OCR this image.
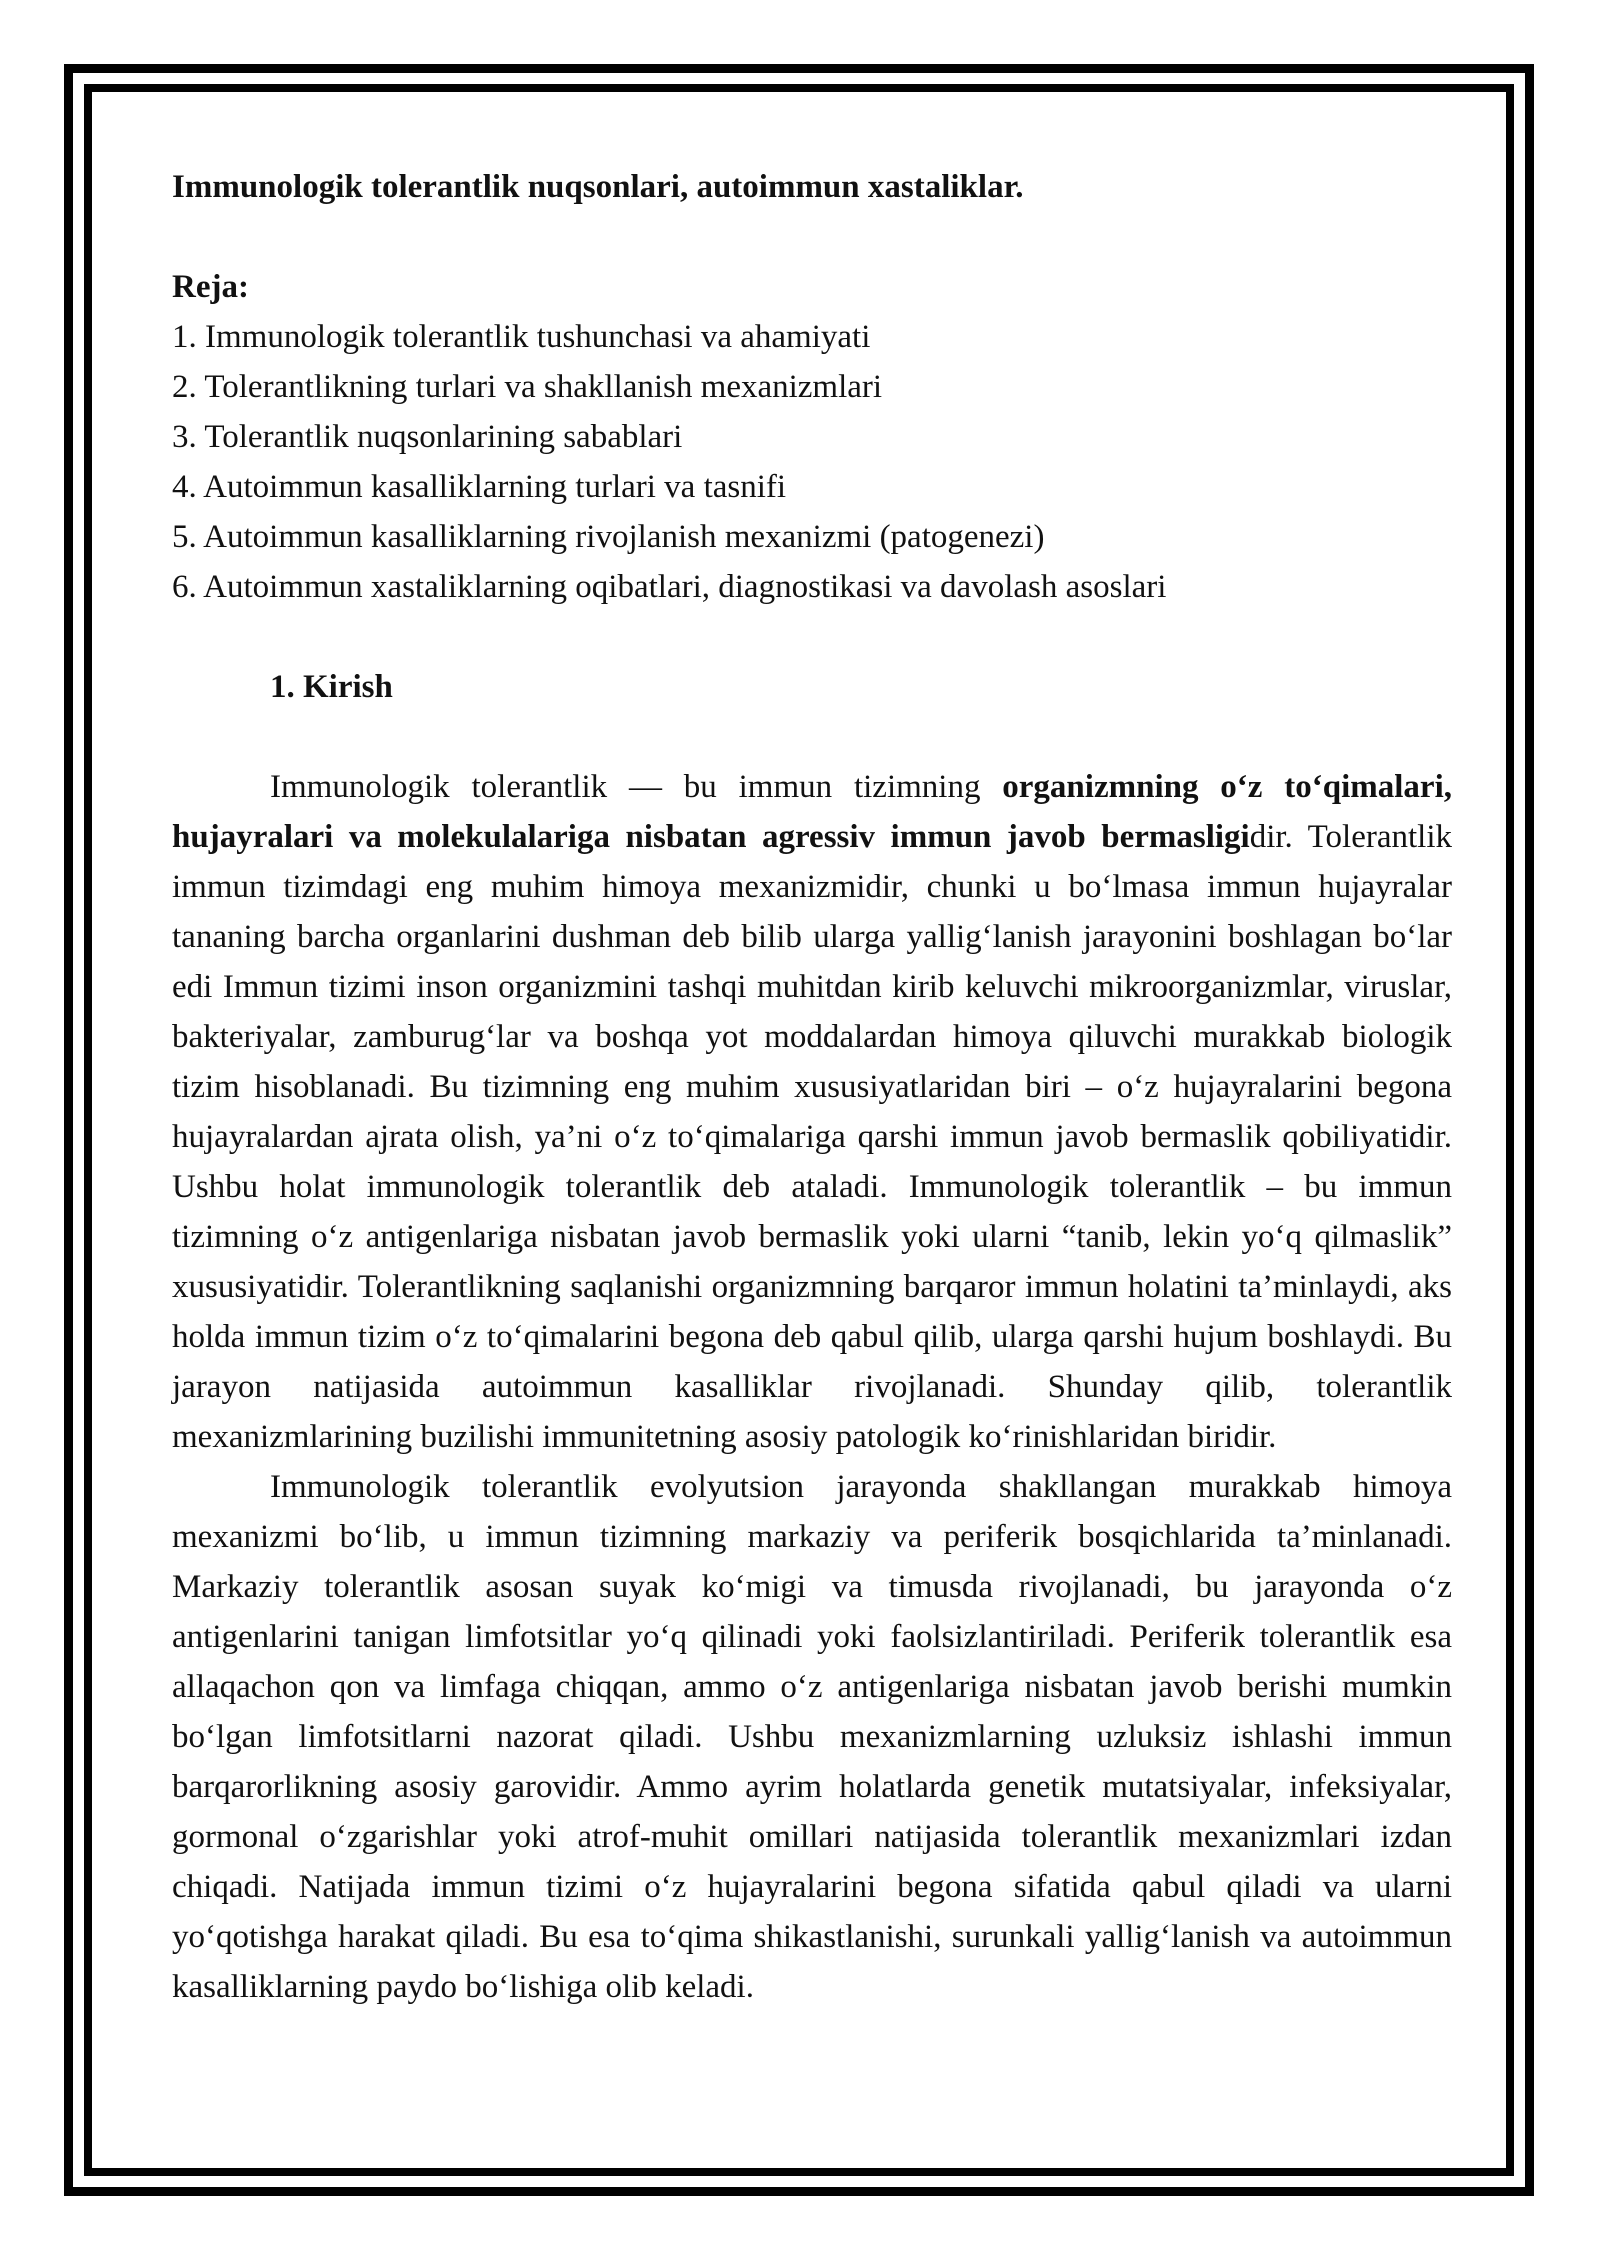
Immunologik tolerantlik nuqsonlari, autoimmun xastaliklar.
Reja:
1. Immunologik tolerantlik tushunchasi va ahamiyati
2. Tolerantlikning turlari va shakllanish mexanizmlari
3. Tolerantlik nuqsonlarining sabablari
4. Autoimmun kasalliklarning turlari va tasnifi
5. Autoimmun kasalliklarning rivojlanish mexanizmi (patogenezi)
6. Autoimmun xastaliklarning oqibatlari, diagnostikasi va davolash asoslari
1. Kirish

Immunologik tolerantlik — bu immun tizimning organizmning o‘z to‘qimalari, hujayralari va molekulalariga nisbatan agressiv immun javob bermasligidir. Tolerantlik immun tizimdagi eng muhim himoya mexanizmidir, chunki u bo‘lmasa immun hujayralar tananing barcha organlarini dushman deb bilib ularga yallig‘lanish jarayonini boshlagan bo‘lar edi Immun tizimi inson organizmini tashqi muhitdan kirib keluvchi mikroorganizmlar, viruslar, bakteriyalar, zamburug‘lar va boshqa yot moddalardan himoya qiluvchi murakkab biologik tizim hisoblanadi. Bu tizimning eng muhim xususiyatlaridan biri – o‘z hujayralarini begona hujayralardan ajrata olish, ya’ni o‘z to‘qimalariga qarshi immun javob bermaslik qobiliyatidir. Ushbu holat immunologik tolerantlik deb ataladi. Immunologik tolerantlik – bu immun tizimning o‘z antigenlariga nisbatan javob bermaslik yoki ularni “tanib, lekin yo‘q qilmaslik” xususiyatidir. Tolerantlikning saqlanishi organizmning barqaror immun holatini ta’minlaydi, aks holda immun tizim o‘z to‘qimalarini begona deb qabul qilib, ularga qarshi hujum boshlaydi. Bu jarayon natijasida autoimmun kasalliklar rivojlanadi. Shunday qilib, tolerantlik mexanizmlarining buzilishi immunitetning asosiy patologik ko‘rinishlaridan biridir.

Immunologik tolerantlik evolyutsion jarayonda shakllangan murakkab himoya mexanizmi bo‘lib, u immun tizimning markaziy va periferik bosqichlarida ta’minlanadi. Markaziy tolerantlik asosan suyak ko‘migi va timusda rivojlanadi, bu jarayonda o‘z antigenlarini tanigan limfotsitlar yo‘q qilinadi yoki faolsizlantiriladi. Periferik tolerantlik esa allaqachon qon va limfaga chiqqan, ammo o‘z antigenlariga nisbatan javob berishi mumkin bo‘lgan limfotsitlarni nazorat qiladi. Ushbu mexanizmlarning uzluksiz ishlashi immun barqarorlikning asosiy garovidir. Ammo ayrim holatlarda genetik mutatsiyalar, infeksiyalar, gormonal o‘zgarishlar yoki atrof-muhit omillari natijasida tolerantlik mexanizmlari izdan chiqadi. Natijada immun tizimi o‘z hujayralarini begona sifatida qabul qiladi va ularni yo‘qotishga harakat qiladi. Bu esa to‘qima shikastlanishi, surunkali yallig‘lanish va autoimmun kasalliklarning paydo bo‘lishiga olib keladi.
